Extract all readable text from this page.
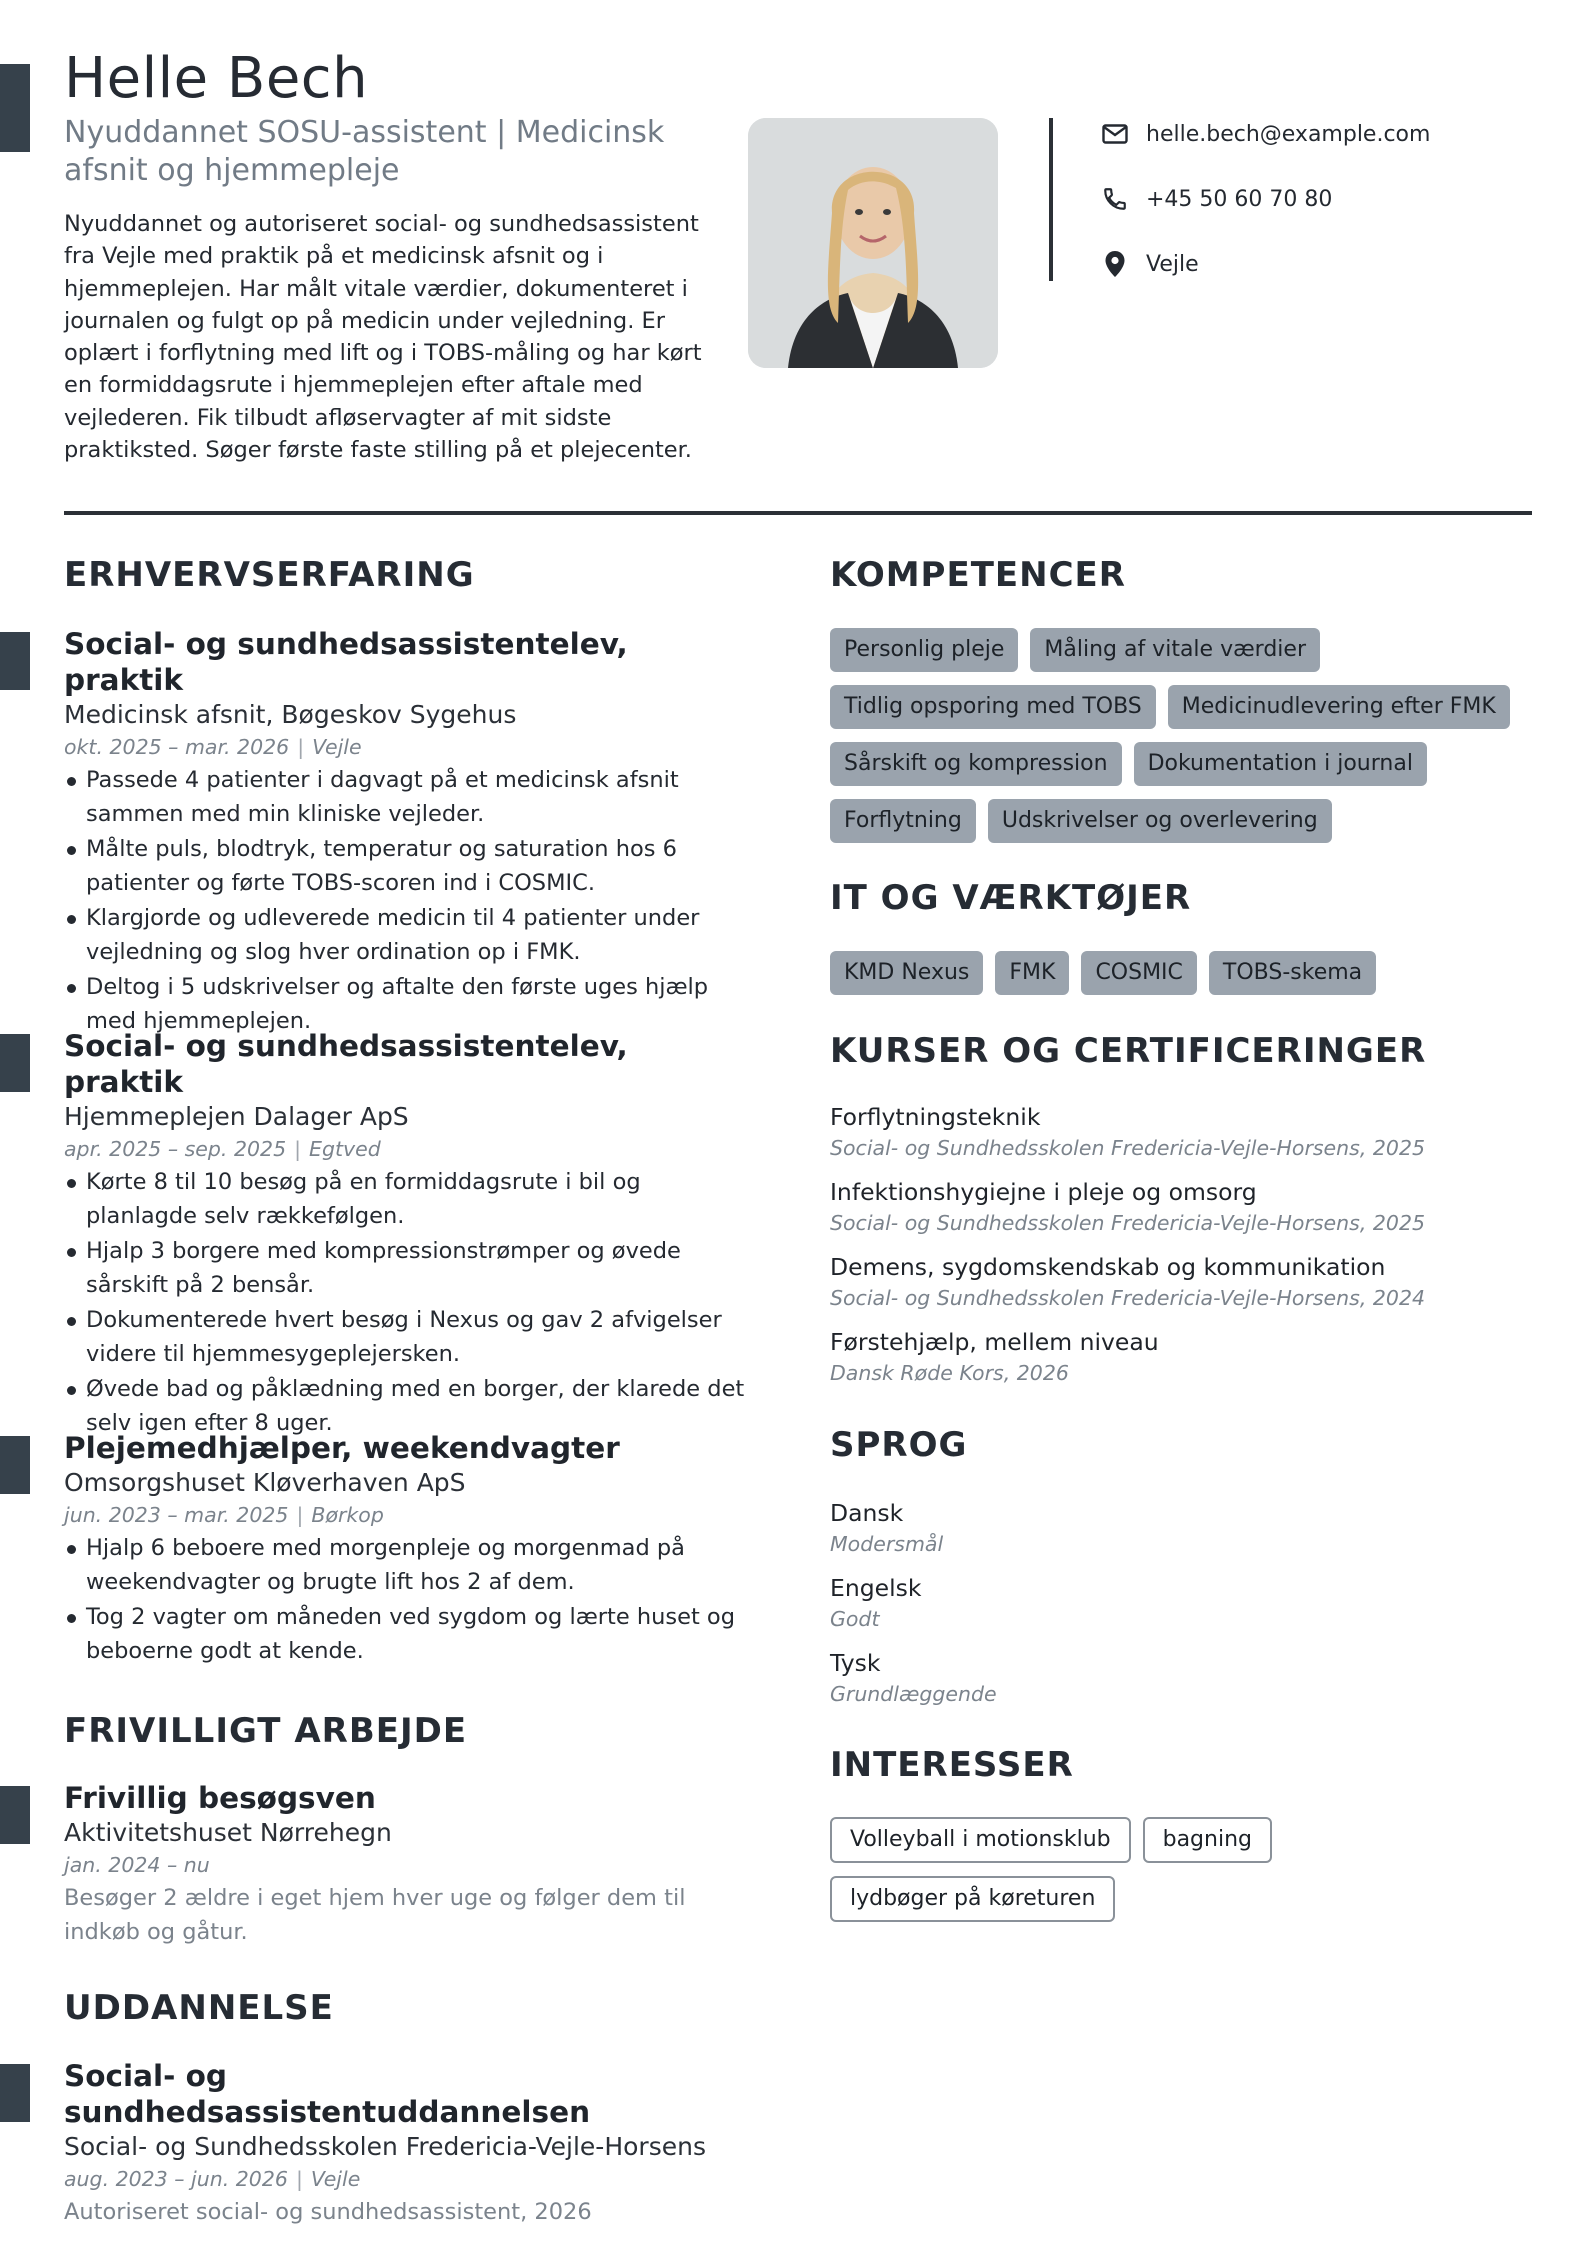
Helle Bech
Nyuddannet SOSU-assistent | Medicinsk afsnit og hjemmepleje

Nyuddannet og autoriseret social- og sundhedsassistent fra Vejle med praktik på et medicinsk afsnit og i hjemmeplejen. Har målt vitale værdier, dokumenteret i journalen og fulgt op på medicin under vejledning. Er oplært i forflytning med lift og i TOBS-måling og har kørt en formiddagsrute i hjemmeplejen efter aftale med vejlederen. Fik tilbudt afløservagter af mit sidste praktiksted. Søger første faste stilling på et plejecenter.

helle.bech@example.com
+45 50 60 70 80
Vejle
ERHVERVSERFARING
Social- og sundhedsassistentelev, praktik
Medicinsk afsnit, Bøgeskov Sygehus
okt. 2025 – mar. 2026 | Vejle
Passede 4 patienter i dagvagt på et medicinsk afsnit sammen med min kliniske vejleder.
Målte puls, blodtryk, temperatur og saturation hos 6 patienter og førte TOBS-scoren ind i COSMIC.
Klargjorde og udleverede medicin til 4 patienter under vejledning og slog hver ordination op i FMK.
Deltog i 5 udskrivelser og aftalte den første uges hjælp med hjemmeplejen.
Social- og sundhedsassistentelev, praktik
Hjemmeplejen Dalager ApS
apr. 2025 – sep. 2025 | Egtved
Kørte 8 til 10 besøg på en formiddagsrute i bil og planlagde selv rækkefølgen.
Hjalp 3 borgere med kompressionstrømper og øvede sårskift på 2 bensår.
Dokumenterede hvert besøg i Nexus og gav 2 afvigelser videre til hjemmesygeplejersken.
Øvede bad og påklædning med en borger, der klarede det selv igen efter 8 uger.
Plejemedhjælper, weekendvagter
Omsorgshuset Kløverhaven ApS
jun. 2023 – mar. 2025 | Børkop
Hjalp 6 beboere med morgenpleje og morgenmad på weekendvagter og brugte lift hos 2 af dem.
Tog 2 vagter om måneden ved sygdom og lærte huset og beboerne godt at kende.
FRIVILLIGT ARBEJDE
Frivillig besøgsven
Aktivitetshuset Nørrehegn
jan. 2024 – nu

Besøger 2 ældre i eget hjem hver uge og følger dem til indkøb og gåtur.

UDDANNELSE
Social- og sundhedsassistentuddannelsen
Social- og Sundhedsskolen Fredericia-Vejle-Horsens
aug. 2023 – jun. 2026 | Vejle

Autoriseret social- og sundhedsassistent, 2026

KOMPETENCER
Personlig pleje	Måling af vitale værdier
Tidlig opsporing med TOBS	Medicinudlevering efter FMK
Sårskift og kompression	Dokumentation i journal
Forflytning	Udskrivelser og overlevering
IT OG VÆRKTØJER
KMD Nexus	FMK	COSMIC	TOBS-skema
KURSER OG CERTIFICERINGER
Forflytningsteknik
Social- og Sundhedsskolen Fredericia-Vejle-Horsens, 2025
Infektionshygiejne i pleje og omsorg
Social- og Sundhedsskolen Fredericia-Vejle-Horsens, 2025
Demens, sygdomskendskab og kommunikation
Social- og Sundhedsskolen Fredericia-Vejle-Horsens, 2024
Førstehjælp, mellem niveau
Dansk Røde Kors, 2026
SPROG
Dansk
Modersmål
Engelsk
Godt
Tysk
Grundlæggende
INTERESSER
Volleyball i motionsklub	bagning
lydbøger på køreturen
